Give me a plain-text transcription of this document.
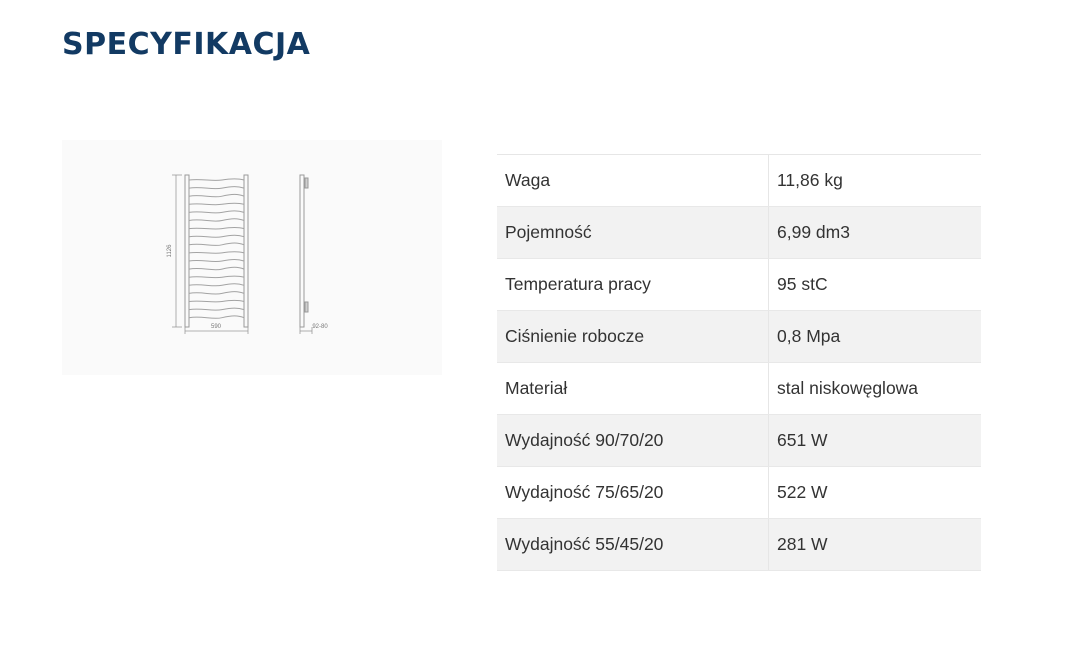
SPECYFIKACJA
1126
590	92-80
Waga	11,86 kg
Pojemność	6,99 dm3
Temperatura pracy	95 stC
Ciśnienie robocze	0,8 Mpa
Materiał	stal niskowęglowa
Wydajność 90/70/20	651 W
Wydajność 75/65/20	522 W
Wydajność 55/45/20	281 W
